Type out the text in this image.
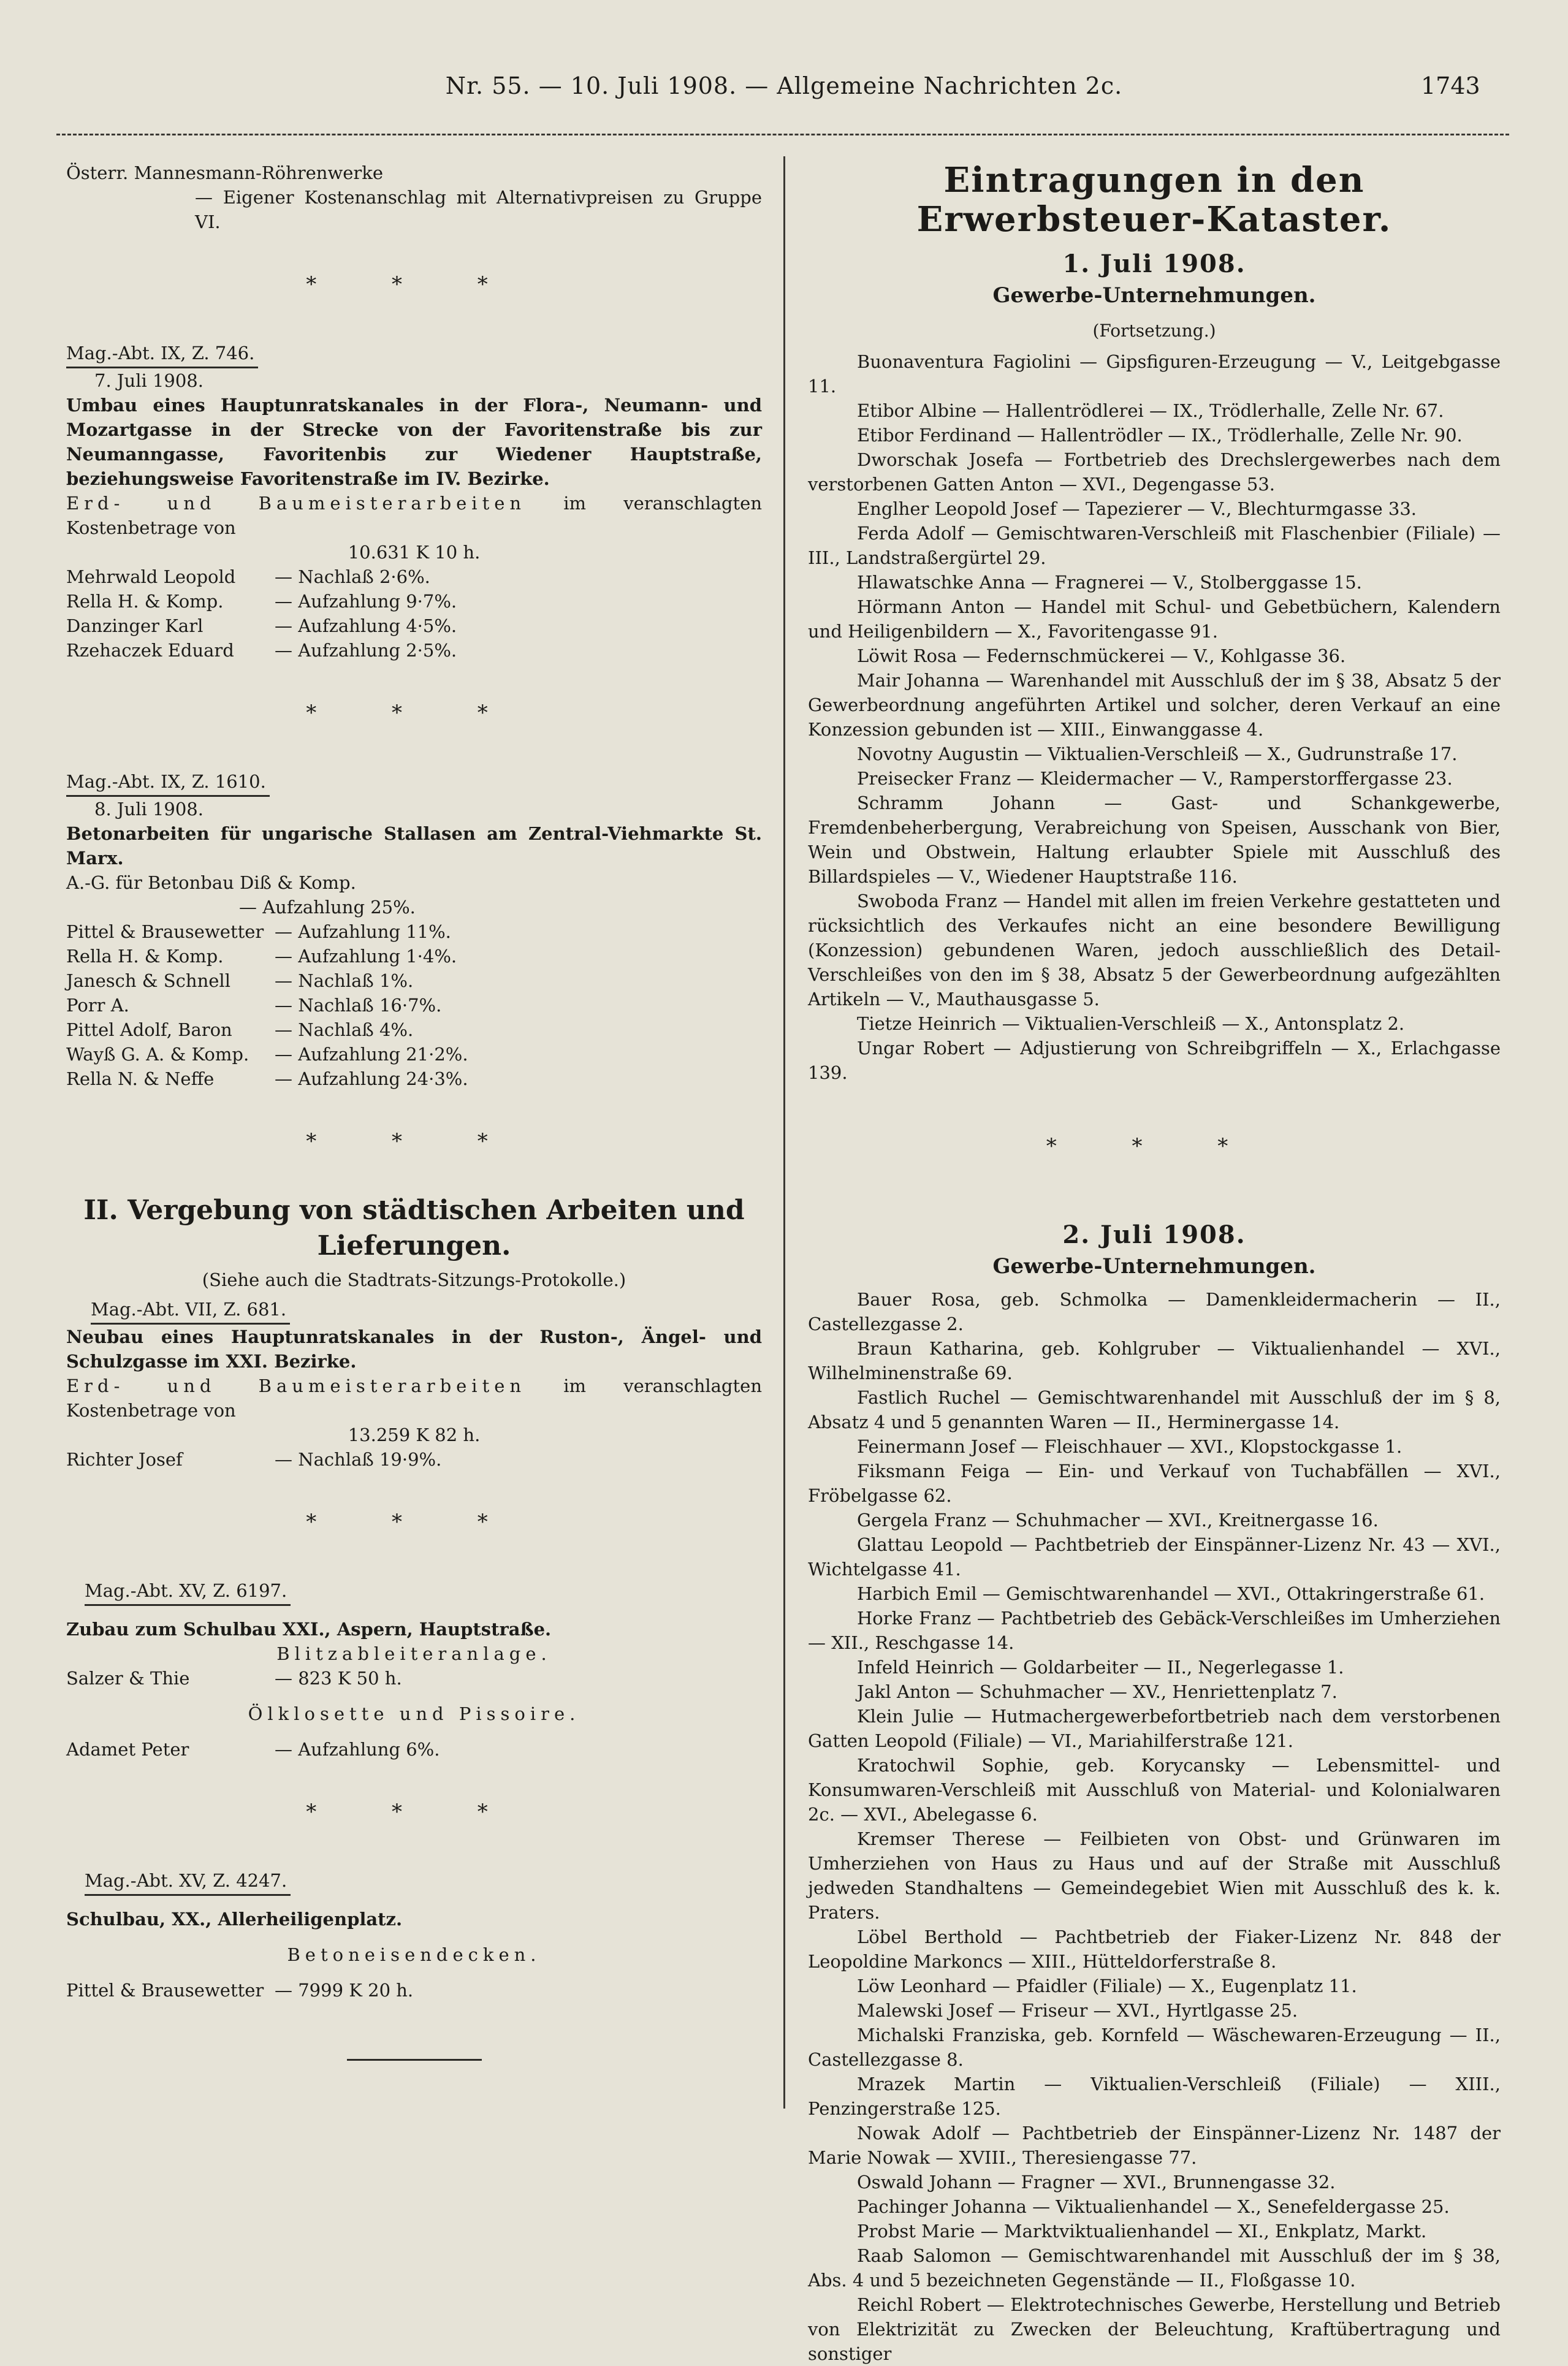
Nr. 55. — 10. Juli 1908. — Allgemeine Nachrichten 2c.	1743

Österr. Mannesmann-Röhrenwerke

— Eigener Kostenanschlag mit Alternativpreisen zu Gruppe VI.

* * *

Mag.-Abt. IX, Z. 746.

7. Juli 1908.

Umbau eines Hauptunratskanales in der Flora-, Neumann- und Mozartgasse in der Strecke von der Favoritenstraße bis zur Neumanngasse, Favoritenbis zur Wiedener Hauptstraße, beziehungsweise Favoritenstraße im IV. Bezirke.

Erd- und Baumeisterarbeiten im veranschlagten Kostenbetrage von

10.631 K 10 h.

Mehrwald Leopold — Nachlaß 2·6%.
Rella H. & Komp.	— Aufzahlung 9·7%.
Danzinger Karl	— Aufzahlung 4·5%.
Rzehaczek Eduard — Aufzahlung 2·5%.

* * *

Mag.-Abt. IX, Z. 1610.

8. Juli 1908.

Betonarbeiten für ungarische Stallasen am Zentral-Viehmarkte St. Marx.

A.-G. für Betonbau Diß & Komp.

— Aufzahlung 25%.

Pittel & Brausewetter — Aufzahlung 11%.
Rella H. & Komp.	— Aufzahlung 1·4%.
Janesch & Schnell — Nachlaß 1%.
Porr A.	— Nachlaß 16·7%.
Pittel Adolf, Baron — Nachlaß 4%.
Wayß G. A. & Komp. — Aufzahlung 21·2%.
Rella N. & Neffe	— Aufzahlung 24·3%.

* * *

II. Vergebung von städtischen Arbeiten und Lieferungen.

(Siehe auch die Stadtrats-Sitzungs-Protokolle.)

Mag.-Abt. VII, Z. 681.

Neubau eines Hauptunratskanales in der Ruston-, Ängel- und Schulzgasse im XXI. Bezirke.

Erd- und Baumeisterarbeiten im veranschlagten Kostenbetrage von

13.259 K 82 h.

Richter Josef	— Nachlaß 19·9%.

* * *

Mag.-Abt. XV, Z. 6197.

Zubau zum Schulbau XXI., Aspern, Hauptstraße.

Blitzableiteranlage.

Salzer & Thie	— 823 K 50 h.

Ölklosette und Pissoire.

Adamet Peter	— Aufzahlung 6%.

* * *

Mag.-Abt. XV, Z. 4247.

Schulbau, XX., Allerheiligenplatz.

Betoneisendecken.

Pittel & Brausewetter — 7999 K 20 h.

Eintragungen in den Erwerbsteuer-Kataster.

1. Juli 1908.

Gewerbe-Unternehmungen.

(Fortsetzung.)

Buonaventura Fagiolini — Gipsfiguren-Erzeugung — V., Leitgebgasse 11.

Etibor Albine — Hallentrödlerei — IX., Trödlerhalle, Zelle Nr. 67.

Etibor Ferdinand — Hallentrödler — IX., Trödlerhalle, Zelle Nr. 90.

Dworschak Josefa — Fortbetrieb des Drechslergewerbes nach dem verstorbenen Gatten Anton — XVI., Degengasse 53.

Englher Leopold Josef — Tapezierer — V., Blechturmgasse 33.

Ferda Adolf — Gemischtwaren-Verschleiß mit Flaschenbier (Filiale) — III., Landstraßergürtel 29.

Hlawatschke Anna — Fragnerei — V., Stolberggasse 15.

Hörmann Anton — Handel mit Schul- und Gebetbüchern, Kalendern und Heiligenbildern — X., Favoritengasse 91.

Löwit Rosa — Federnschmückerei — V., Kohlgasse 36.

Mair Johanna — Warenhandel mit Ausschluß der im § 38, Absatz 5 der Gewerbeordnung angeführten Artikel und solcher, deren Verkauf an eine Konzession gebunden ist — XIII., Einwanggasse 4.

Novotny Augustin — Viktualien-Verschleiß — X., Gudrunstraße 17.

Preisecker Franz — Kleidermacher — V., Ramperstorffergasse 23.

Schramm Johann — Gast- und Schankgewerbe, Fremdenbeherbergung, Verabreichung von Speisen, Ausschank von Bier, Wein und Obstwein, Haltung erlaubter Spiele mit Ausschluß des Billardspieles — V., Wiedener Hauptstraße 116.

Swoboda Franz — Handel mit allen im freien Verkehre gestatteten und rücksichtlich des Verkaufes nicht an eine besondere Bewilligung (Konzession) gebundenen Waren, jedoch ausschließlich des Detail-Verschleißes von den im § 38, Absatz 5 der Gewerbeordnung aufgezählten Artikeln — V., Mauthausgasse 5.

Tietze Heinrich — Viktualien-Verschleiß — X., Antonsplatz 2.

Ungar Robert — Adjustierung von Schreibgriffeln — X., Erlachgasse 139.

* * *

2. Juli 1908.

Gewerbe-Unternehmungen.

Bauer Rosa, geb. Schmolka — Damenkleidermacherin — II., Castellezgasse 2.

Braun Katharina, geb. Kohlgruber — Viktualienhandel — XVI., Wilhelminenstraße 69.

Fastlich Ruchel — Gemischtwarenhandel mit Ausschluß der im § 8, Absatz 4 und 5 genannten Waren — II., Herminergasse 14.

Feinermann Josef — Fleischhauer — XVI., Klopstockgasse 1.

Fiksmann Feiga — Ein- und Verkauf von Tuchabfällen — XVI., Fröbelgasse 62.

Gergela Franz — Schuhmacher — XVI., Kreitnergasse 16.

Glattau Leopold — Pachtbetrieb der Einspänner-Lizenz Nr. 43 — XVI., Wichtelgasse 41.

Harbich Emil — Gemischtwarenhandel — XVI., Ottakringerstraße 61.

Horke Franz — Pachtbetrieb des Gebäck-Verschleißes im Umherziehen — XII., Reschgasse 14.

Infeld Heinrich — Goldarbeiter — II., Negerlegasse 1.

Jakl Anton — Schuhmacher — XV., Henriettenplatz 7.

Klein Julie — Hutmachergewerbefortbetrieb nach dem verstorbenen Gatten Leopold (Filiale) — VI., Mariahilferstraße 121.

Kratochwil Sophie, geb. Korycansky — Lebensmittel- und Konsumwaren-Verschleiß mit Ausschluß von Material- und Kolonialwaren 2c. — XVI., Abelegasse 6.

Kremser Therese — Feilbieten von Obst- und Grünwaren im Umherziehen von Haus zu Haus und auf der Straße mit Ausschluß jedweden Standhaltens — Gemeindegebiet Wien mit Ausschluß des k. k. Praters.

Löbel Berthold — Pachtbetrieb der Fiaker-Lizenz Nr. 848 der Leopoldine Markoncs — XIII., Hütteldorferstraße 8.

Löw Leonhard — Pfaidler (Filiale) — X., Eugenplatz 11.

Malewski Josef — Friseur — XVI., Hyrtlgasse 25.

Michalski Franziska, geb. Kornfeld — Wäschewaren-Erzeugung — II., Castellezgasse 8.

Mrazek Martin — Viktualien-Verschleiß (Filiale) — XIII., Penzingerstraße 125.

Nowak Adolf — Pachtbetrieb der Einspänner-Lizenz Nr. 1487 der Marie Nowak — XVIII., Theresiengasse 77.

Oswald Johann — Fragner — XVI., Brunnengasse 32.

Pachinger Johanna — Viktualienhandel — X., Senefeldergasse 25.

Probst Marie — Marktviktualienhandel — XI., Enkplatz, Markt.

Raab Salomon — Gemischtwarenhandel mit Ausschluß der im § 38, Abs. 4 und 5 bezeichneten Gegenstände — II., Floßgasse 10.

Reichl Robert — Elektrotechnisches Gewerbe, Herstellung und Betrieb von Elektrizität zu Zwecken der Beleuchtung, Kraftübertragung und sonstiger
